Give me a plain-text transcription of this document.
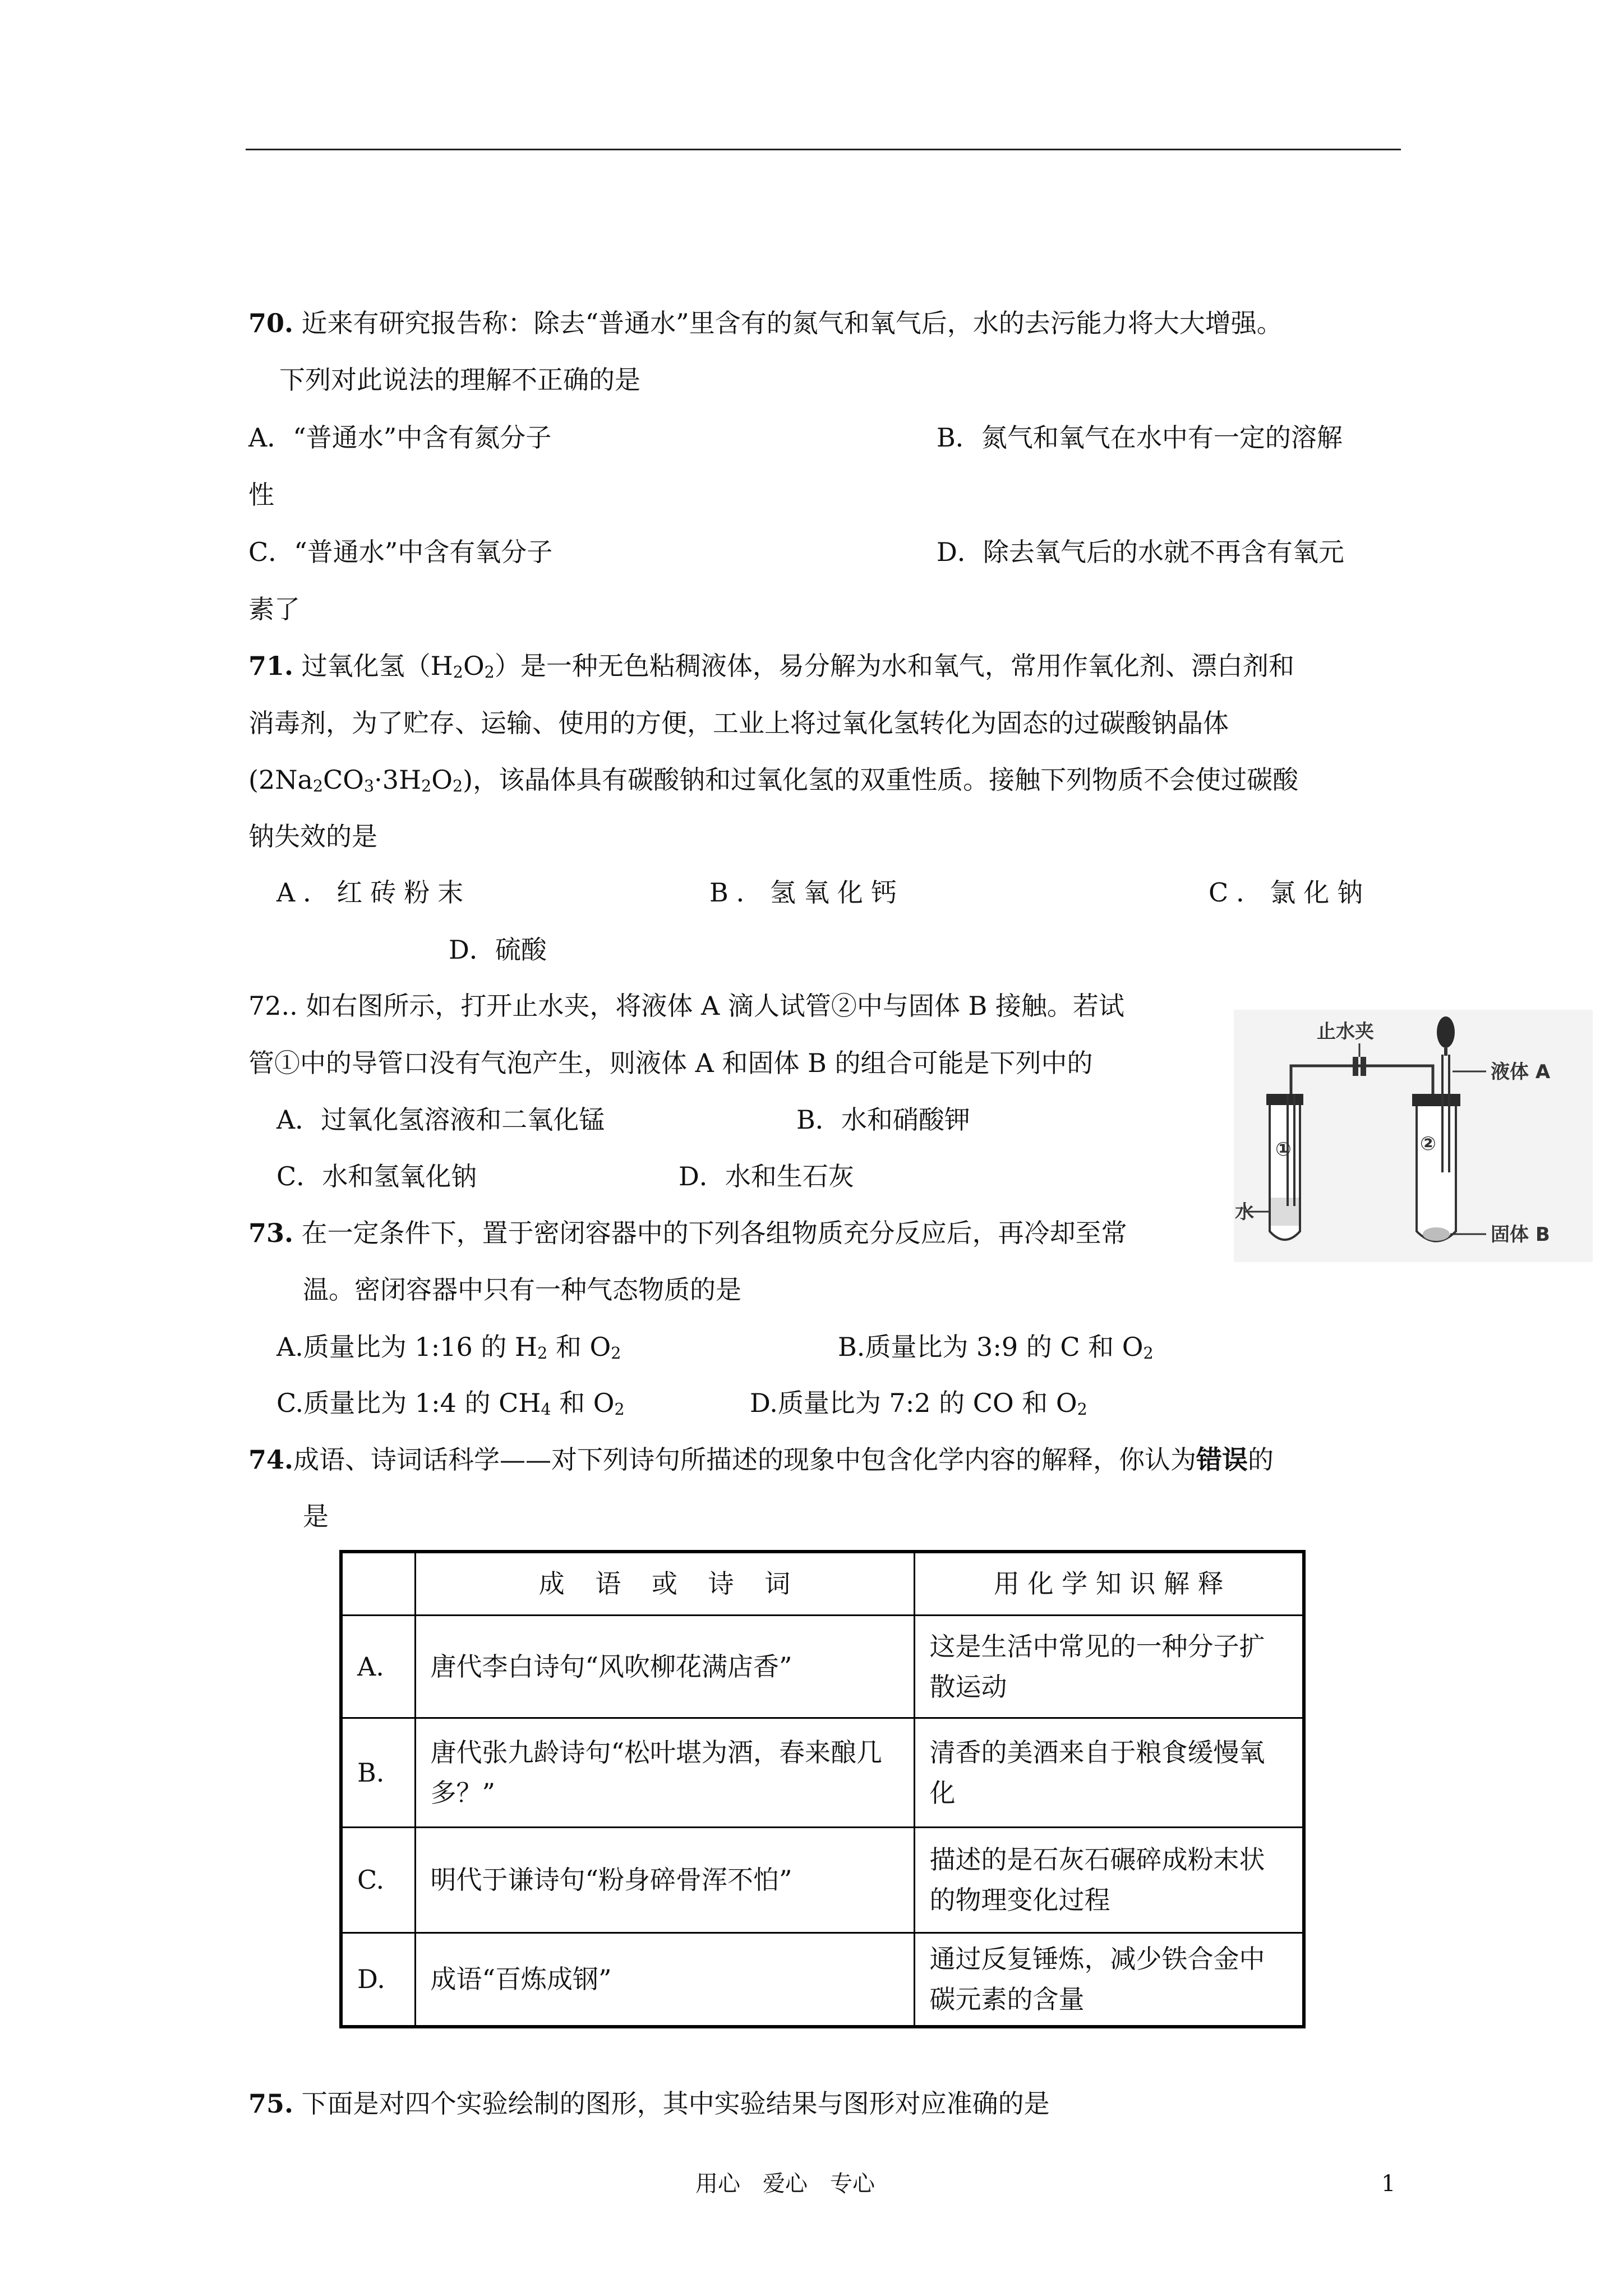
70. 近来有研究报告称：除去“普通水”里含有的氮气和氧气后，水的去污能力将大大增强。
下列对此说法的理解不正确的是
A．“普通水”中含有氮分子	B．氮气和氧气在水中有一定的溶解
性
C．“普通水”中含有氧分子	D．除去氧气后的水就不再含有氧元
素了
71. 过氧化氢$(H_2O_2)$是一种无色粘稠液体，易分解为水和氧气，常用作氧化剂、漂白剂和
消毒剂，为了贮存、运输、使用的方便，工业上将过氧化氢转化为固态的过碳酸钠晶体
$(2Na_2CO_3\cdot 3H_2O_2)$，该晶体具有碳酸钠和过氧化氢的双重性质。接触下列物质不会使过碳酸
钠失效的是
A．红砖粉末	B．氢氧化钙	C．氯化钠
D．硫酸
72.. 如右图所示，打开止水夹，将液体 A 滴人试管②中与固体 B 接触。若试
管①中的导管口没有气泡产生，则液体 A 和固体 B 的组合可能是下列中的
A．过氧化氢溶液和二氧化锰	B．水和硝酸钾
C．水和氢氧化钠	D．水和生石灰
止水夹
液体 A
固体 B
水
①	②
73. 在一定条件下，置于密闭容器中的下列各组物质充分反应后，再冷却至常
温。密闭容器中只有一种气态物质的是
A.质量比为 1:16 的 $H_2$ 和 $O_2$	B.质量比为 3:9 的 C 和 $O_2$
C.质量比为 1:4 的 $CH_4$ 和 $O_2$	D.质量比为 7:2 的 CO 和 $O_2$
74.成语、诗词话科学——对下列诗句所描述的现象中包含化学内容的解释，你认为错误的
是
	成 语 或 诗 词	用 化 学 知 识 解 释
A.	唐代李白诗句“风吹柳花满店香”	这是生活中常见的一种分子扩散运动
B.	唐代张九龄诗句“松叶堪为酒，春来酿几多？”	清香的美酒来自于粮食缓慢氧化
C.	明代于谦诗句“粉身碎骨浑不怕”	描述的是石灰石碾碎成粉末状的物理变化过程
D.	成语“百炼成钢”	通过反复锤炼，减少铁合金中碳元素的含量
75. 下面是对四个实验绘制的图形，其中实验结果与图形对应准确的是
用心　爱心　专心	1
